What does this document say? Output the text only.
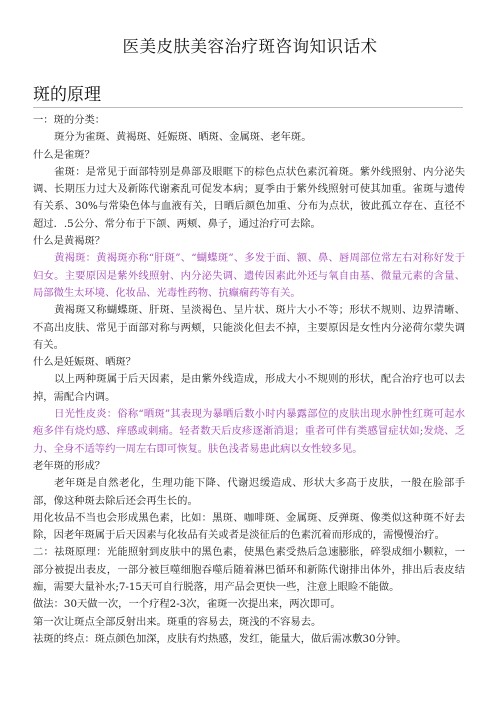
医美皮肤美容治疗斑咨询知识话术
斑的原理

一：斑的分类：

斑分为雀斑、黄褐斑、妊娠斑、晒斑、金属斑、老年斑。

什么是雀斑？

雀斑：是常见于面部特别是鼻部及眼眶下的棕色点状色素沉着斑。紫外线照射、内分泌失调、长期压力过大及新陈代谢紊乱可促发本病；夏季由于紫外线照射可使其加重。雀斑与遗传有关系、30%与常染色体与血液有关，日晒后颜色加重、分布为点状，彼此孤立存在、直径不超过．.5公分、常分布于下颌、两颊、鼻子，通过治疗可去除。

什么是黄褐斑？

黄褐斑：黄褐斑亦称“肝斑”、“蝴蝶斑”、多发于面、额、鼻、唇周部位常左右对称好发于妇女。主要原因是紫外线照射、内分泌失调、遗传因素此外还与氧自由基、微量元素的含量、局部微生太环境、化妆品、光毒性药物、抗癫痫药等有关。

黄褐斑又称蝴蝶斑、肝斑、呈淡褐色、呈片状、斑片大小不等；形状不规则、边界清晰、不高出皮肤、常见于面部对称与两颊，只能淡化但去不掉，主要原因是女性内分泌荷尔蒙失调有关。

什么是妊娠斑、晒斑？

以上两种斑属于后天因素，是由紫外线造成，形成大小不规则的形状，配合治疗也可以去掉，需配合内调。

日光性皮炎：俗称“晒斑”其表现为暴晒后数小时内暴露部位的皮肤出现水肿性红斑可起水疱多伴有烧灼感、痒感或刺痛。轻者数天后皮疹逐渐消退；重者可伴有类感冒症状如;发烧、乏力、全身不适等约一周左右即可恢复。肤色浅者易患此病以女性较多见。

老年斑的形成？

老年斑是自然老化，生理功能下降、代谢迟缓造成、形状大多高于皮肤，一般在脸部手部，像这种斑去除后还会再生长的。

用化妆品不当也会形成黑色素，比如：黑斑、咖啡斑、金属斑、反弹斑、像类似这种斑不好去除，因老年斑属于后天因素与化妆品有关或者是淡征后的色素沉着而形成的，需慢慢治疗。

二：祛斑原理：光能照射到皮肤中的黑色素，使黑色素受热后急速膨胀，碎裂成细小颗粒，一部分被提出表皮，一部分被巨噬细胞吞噬后随着淋巴循环和新陈代谢排出体外，排出后表皮结痂，需要大量补水;7-15天可自行脱落，用产品会更快一些，注意上眼睑不能做。

做法：30天做一次，一个疗程2-3次，雀斑一次提出来，两次即可。

第一次让斑点全部反射出来。斑重的容易去，斑浅的不容易去。

祛斑的终点：斑点颜色加深，皮肤有灼热感，发红，能量大，做后需冰敷30分钟。
